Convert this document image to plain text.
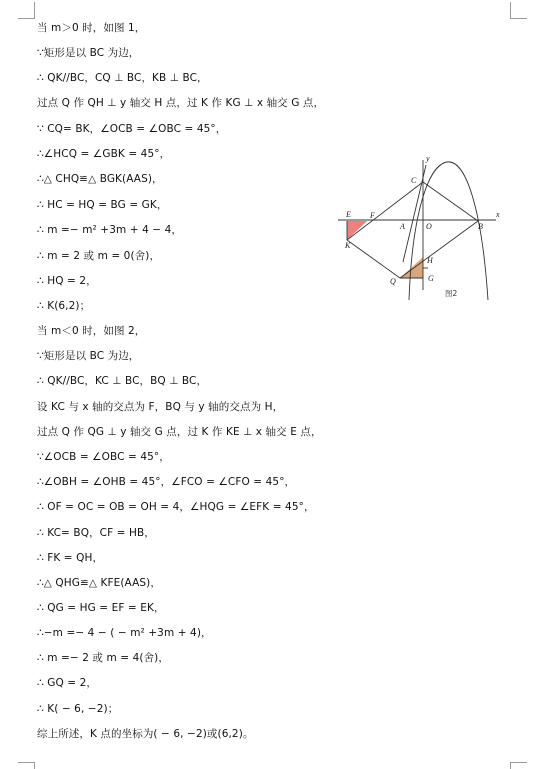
当 m＞0 时，如图 1，
∵矩形是以 BC 为边，
∴ QK//BC，CQ ⊥ BC，KB ⊥ BC，
过点 Q 作 QH ⊥ y 轴交 H 点，过 K 作 KG ⊥ x 轴交 G 点，
∵ CQ= BK，∠OCB = ∠OBC = 45°，
∴∠HCQ = ∠GBK = 45°，
∴△ CHQ≌△ BGK(AAS)，
∴ HC = HQ = BG = GK，
∴ m =− m² +3m + 4 − 4，
∴ m = 2 或 m = 0(舍)，
∴ HQ = 2，
∴ K(6,2)；
当 m＜0 时，如图 2，
∵矩形是以 BC 为边，
∴ QK//BC，KC ⊥ BC，BQ ⊥ BC，
设 KC 与 x 轴的交点为 F，BQ 与 y 轴的交点为 H，
过点 Q 作 QG ⊥ y 轴交 G 点，过 K 作 KE ⊥ x 轴交 E 点，
∵∠OCB = ∠OBC = 45°，
∴∠OBH = ∠OHB = 45°，∠FCO = ∠CFO = 45°，
∴ OF = OC = OB = OH = 4，∠HQG = ∠EFK = 45°，
∴ KC= BQ，CF = HB，
∴ FK = QH，
∴△ QHG≌△ KFE(AAS)，
∴ QG = HG = EF = EK，
∴−m =− 4 − ( − m² +3m + 4)，
∴ m =− 2 或 m = 4(舍)，
∴ GQ = 2，
∴ K( − 6, −2)；
综上所述，K 点的坐标为( − 6, −2)或(6,2)。
C
E F
A	O	B
K
H
Q	G
x
y
图2
